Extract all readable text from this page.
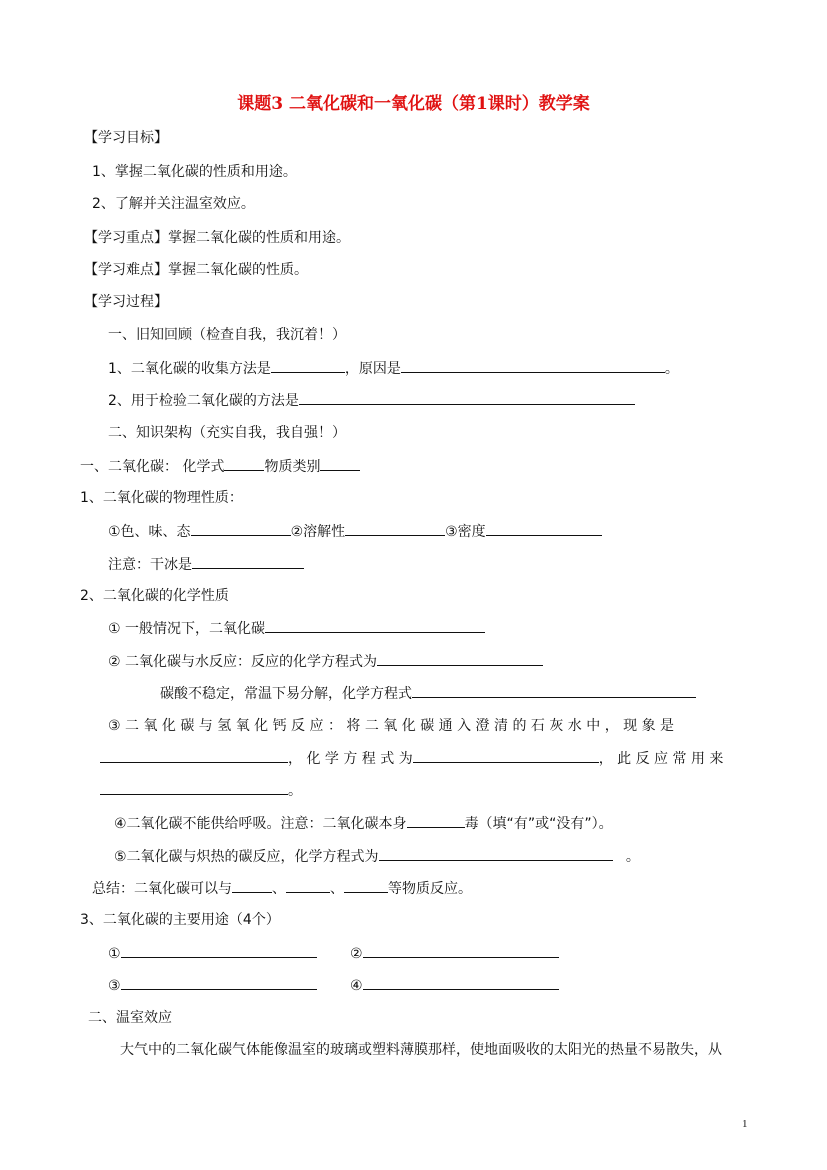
课题3 二氧化碳和一氧化碳（第1课时）教学案
【学习目标】
1、掌握二氧化碳的性质和用途。
2、了解并关注温室效应。
【学习重点】掌握二氧化碳的性质和用途。
【学习难点】掌握二氧化碳的性质。
【学习过程】
一、旧知回顾（检查自我，我沉着！）
1、二氧化碳的收集方法是	，原因是	。
2、用于检验二氧化碳的方法是
二、知识架构（充实自我，我自强！）
一、二氧化碳： 化学式	物质类别
1、二氧化碳的物理性质：
①色、味、态	②溶解性	③密度
注意：干冰是
2、二氧化碳的化学性质
① 一般情况下，二氧化碳
② 二氧化碳与水反应：反应的化学方程式为
碳酸不稳定，常温下易分解，化学方程式
③ 二 氧 化 碳 与 氢 氧 化 钙 反 应 ： 将 二 氧 化 碳 通 入 澄 清 的 石 灰 水 中 ， 现 象 是
， 化 学 方 程 式 为	， 此 反 应 常 用 来
。
④二氧化碳不能供给呼吸。注意：二氧化碳本身	毒（填“有”或“没有”）。
⑤二氧化碳与炽热的碳反应，化学方程式为	。
总结：二氧化碳可以与	、	、	等物质反应。
3、二氧化碳的主要用途（4个）
①	②
③	④
二、温室效应
大气中的二氧化碳气体能像温室的玻璃或塑料薄膜那样，使地面吸收的太阳光的热量不易散失，从
1
